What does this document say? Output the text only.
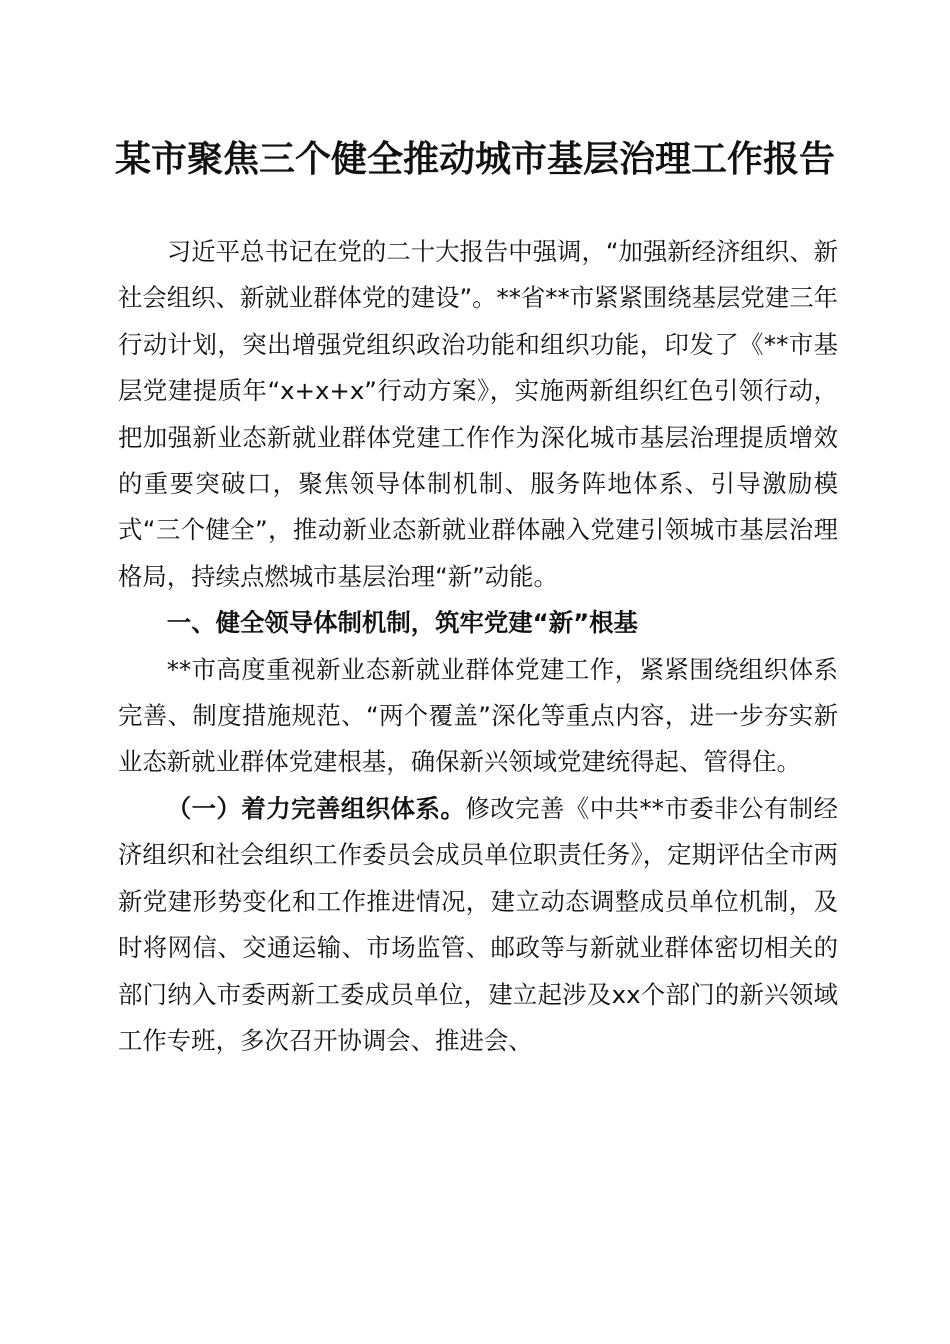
某市聚焦三个健全推动城市基层治理工作报告

习近平总书记在党的二十大报告中强调，“加强新经济组织、新社会组织、新就业群体党的建设”。**省**市紧紧围绕基层党建三年行动计划，突出增强党组织政治功能和组织功能，印发了《**市基层党建提质年“x+x+x”行动方案》，实施两新组织红色引领行动，把加强新业态新就业群体党建工作作为深化城市基层治理提质增效的重要突破口，聚焦领导体制机制、服务阵地体系、引导激励模式“三个健全”，推动新业态新就业群体融入党建引领城市基层治理格局，持续点燃城市基层治理“新”动能。

一、健全领导体制机制，筑牢党建“新”根基

**市高度重视新业态新就业群体党建工作，紧紧围绕组织体系完善、制度措施规范、“两个覆盖”深化等重点内容，进一步夯实新业态新就业群体党建根基，确保新兴领域党建统得起、管得住。

（一）着力完善组织体系。修改完善《中共**市委非公有制经济组织和社会组织工作委员会成员单位职责任务》，定期评估全市两新党建形势变化和工作推进情况，建立动态调整成员单位机制，及时将网信、交通运输、市场监管、邮政等与新就业群体密切相关的部门纳入市委两新工委成员单位，建立起涉及xx个部门的新兴领域工作专班，多次召开协调会、推进会、
